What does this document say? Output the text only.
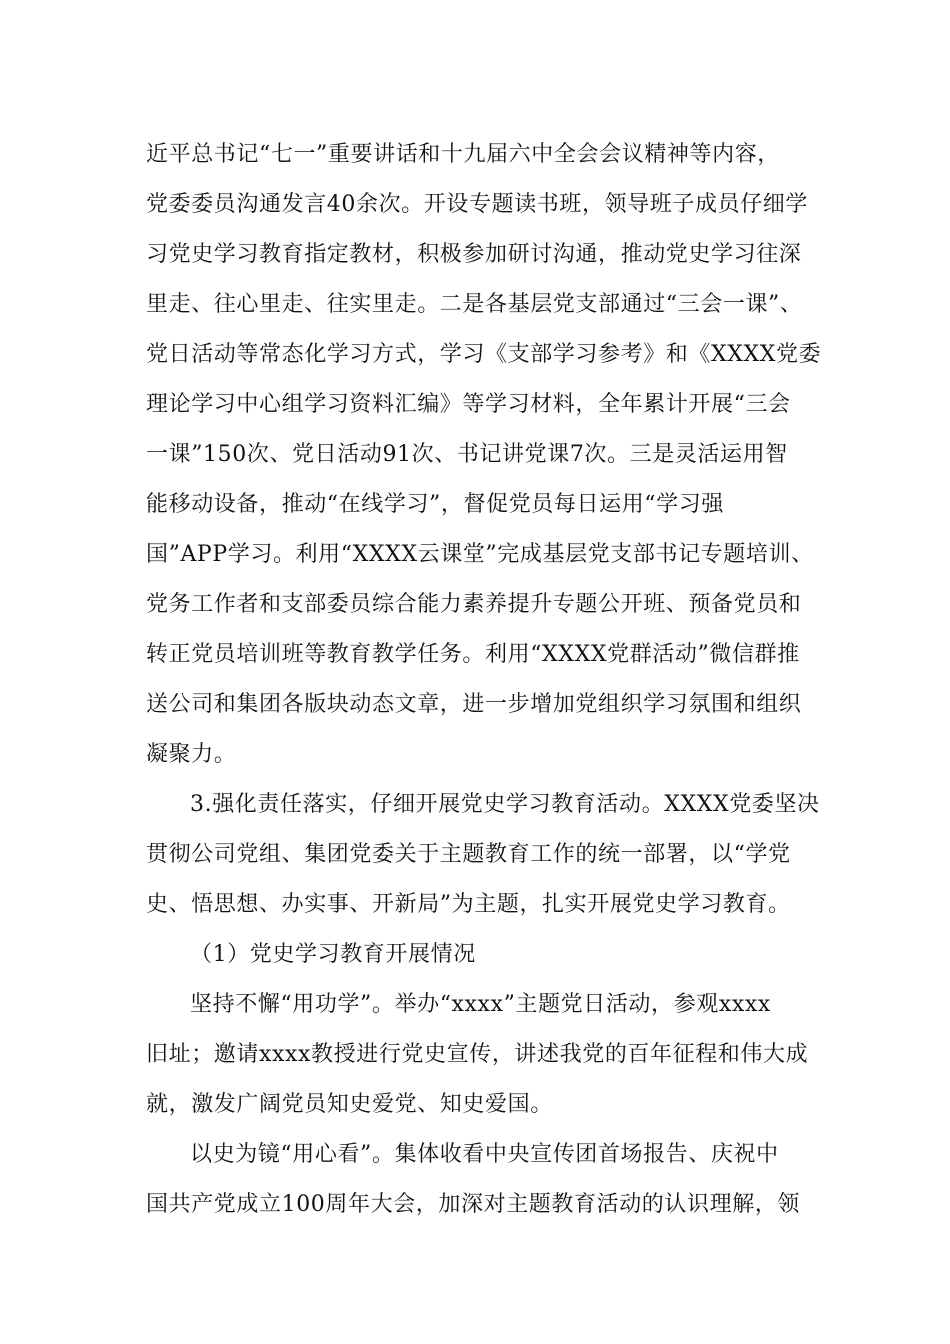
近平总书记“七一”重要讲话和十九届六中全会会议精神等内容，
党委委员沟通发言40余次。开设专题读书班，领导班子成员仔细学
习党史学习教育指定教材，积极参加研讨沟通，推动党史学习往深
里走、往心里走、往实里走。二是各基层党支部通过“三会一课”、
党日活动等常态化学习方式，学习《支部学习参考》和《XXXX党委
理论学习中心组学习资料汇编》等学习材料，全年累计开展“三会
一课”150次、党日活动91次、书记讲党课7次。三是灵活运用智
能移动设备，推动“在线学习”，督促党员每日运用“学习强
国”APP学习。利用“XXXX云课堂”完成基层党支部书记专题培训、
党务工作者和支部委员综合能力素养提升专题公开班、预备党员和
转正党员培训班等教育教学任务。利用“XXXX党群活动”微信群推
送公司和集团各版块动态文章，进一步增加党组织学习氛围和组织
凝聚力。
3.强化责任落实，仔细开展党史学习教育活动。XXXX党委坚决
贯彻公司党组、集团党委关于主题教育工作的统一部署，以“学党
史、悟思想、办实事、开新局”为主题，扎实开展党史学习教育。
（1）党史学习教育开展情况
坚持不懈“用功学”。举办“xxxx”主题党日活动，参观xxxx
旧址；邀请xxxx教授进行党史宣传，讲述我党的百年征程和伟大成
就，激发广阔党员知史爱党、知史爱国。
以史为镜“用心看”。集体收看中央宣传团首场报告、庆祝中
国共产党成立100周年大会，加深对主题教育活动的认识理解，领
